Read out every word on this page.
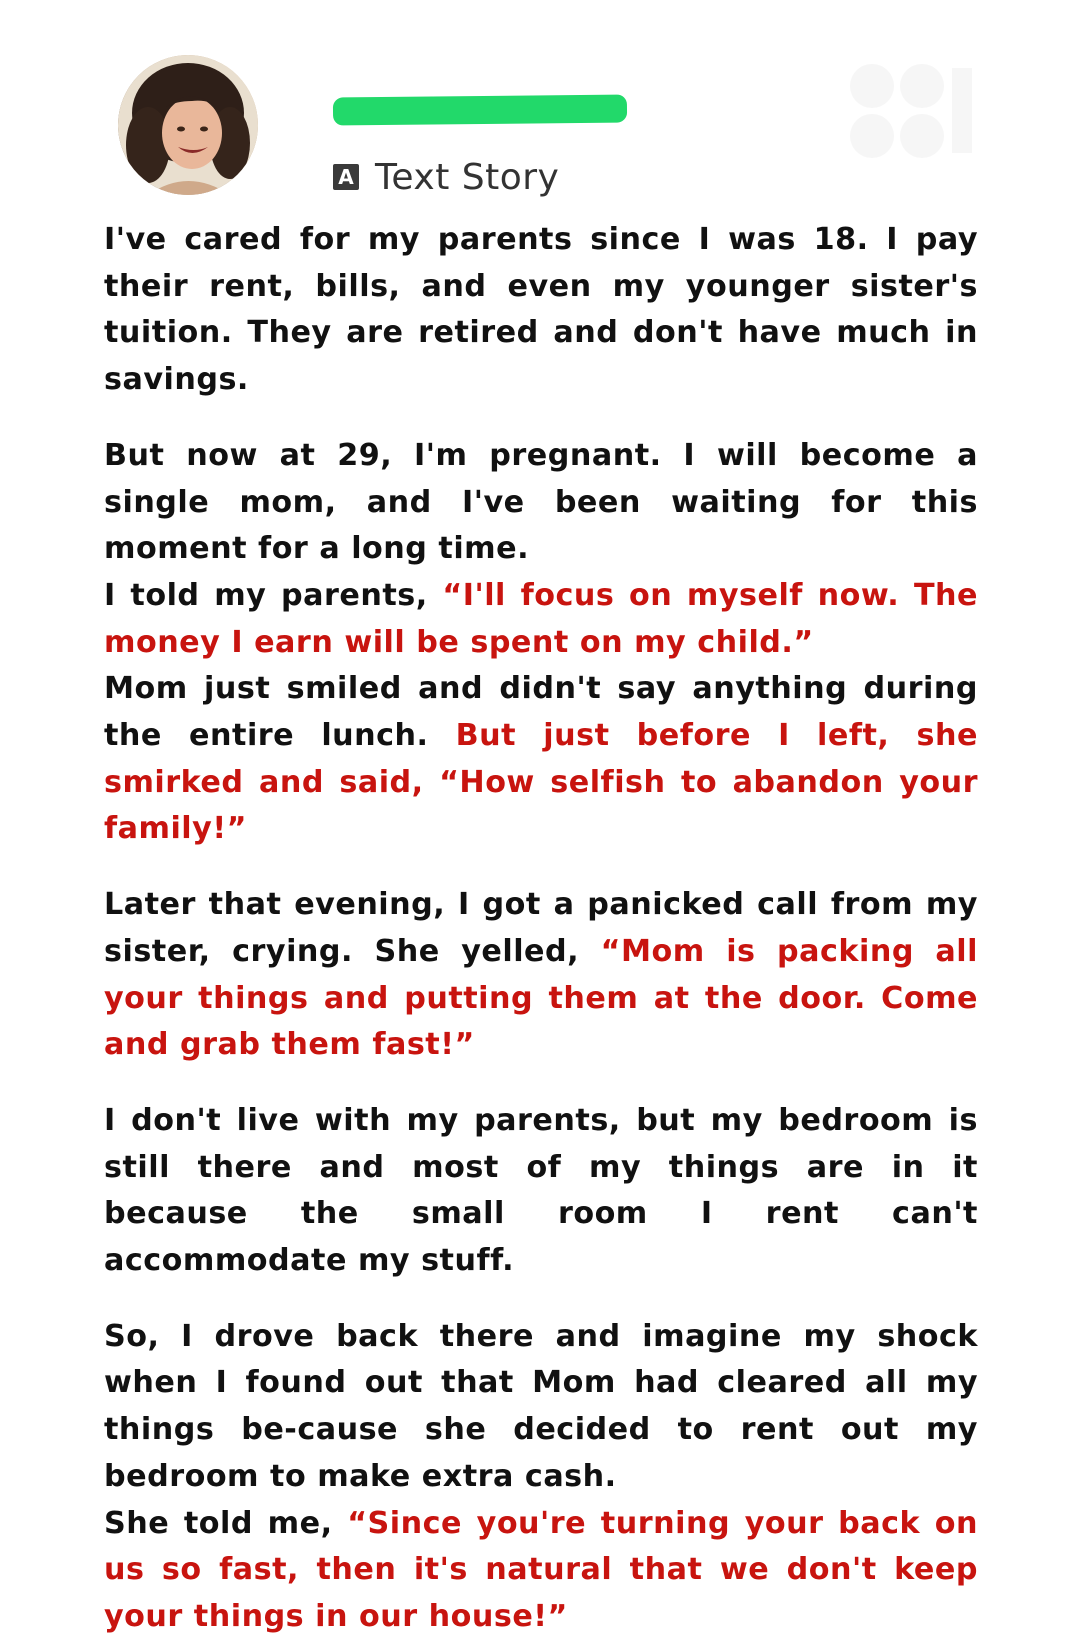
A Text Story

I've cared for my parents since I was 18. I pay their rent, bills, and even my younger sister's tuition. They are retired and don't have much in savings.

But now at 29, I'm pregnant. I will become a single mom, and I've been waiting for this moment for a long time.

I told my parents, “I'll focus on myself now. The money I earn will be spent on my child.”

Mom just smiled and didn't say anything during the entire lunch. But just before I left, she smirked and said, “How selfish to abandon your family!”

Later that evening, I got a panicked call from my sister, crying. She yelled, “Mom is packing all your things and putting them at the door. Come and grab them fast!”

I don't live with my parents, but my bedroom is still there and most of my things are in it because the small room I rent can't accommodate my stuff.

So, I drove back there and imagine my shock when I found out that Mom had cleared all my things be-cause she decided to rent out my bedroom to make extra cash.

She told me, “Since you're turning your back on us so fast, then it's natural that we don't keep your things in our house!”
